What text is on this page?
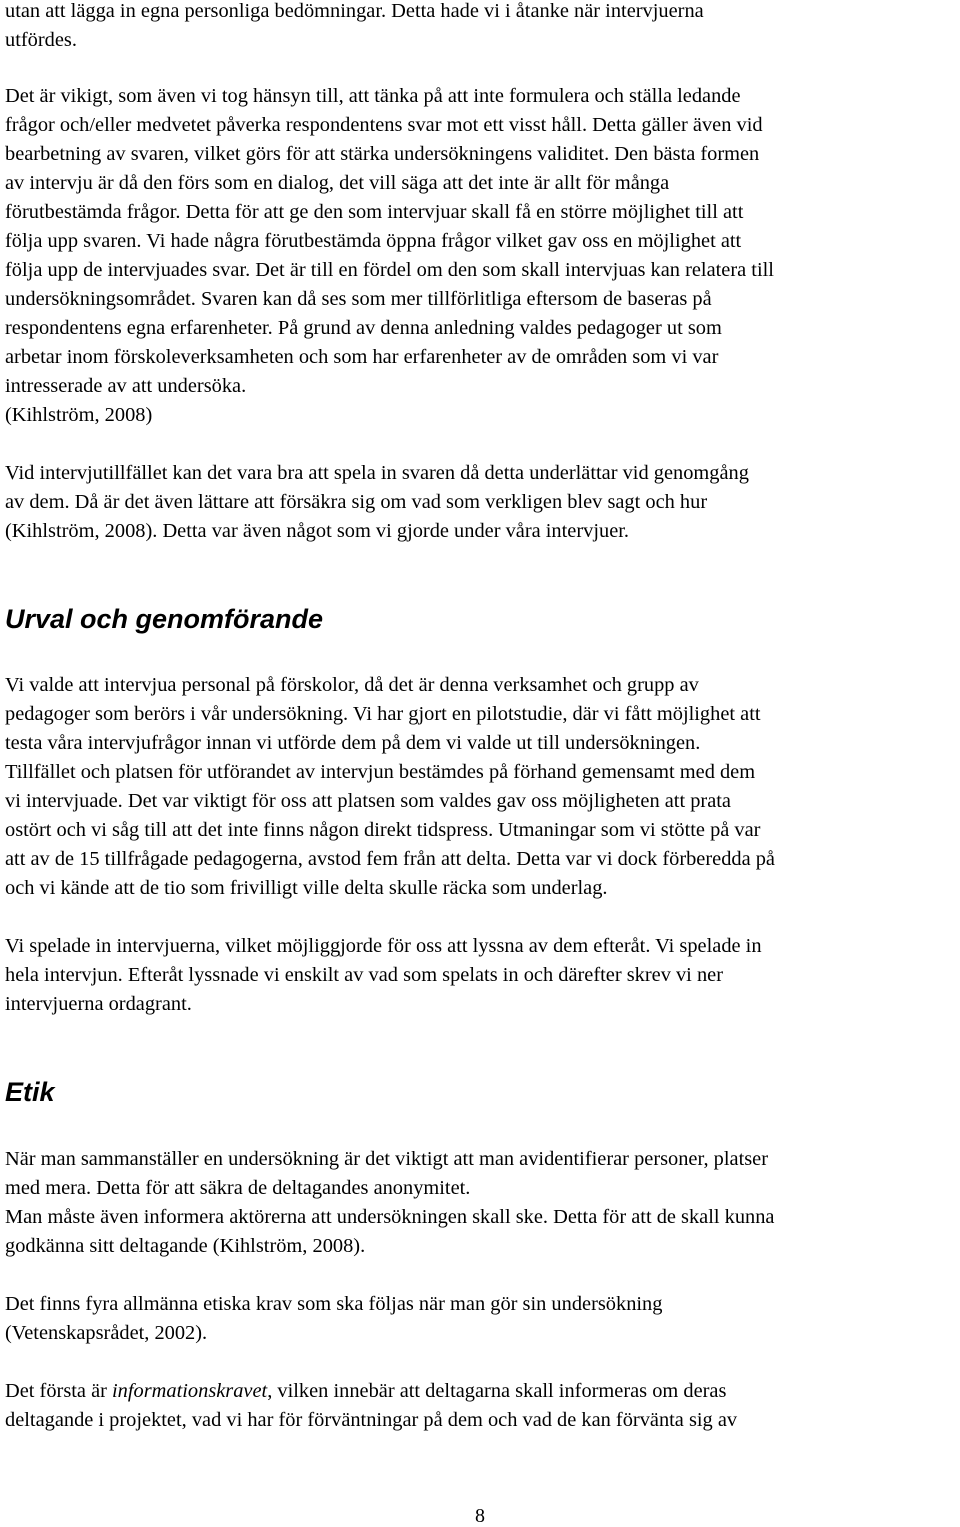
utan att lägga in egna personliga bedömningar. Detta hade vi i åtanke när intervjuerna
utfördes.

Det är vikigt, som även vi tog hänsyn till, att tänka på att inte formulera och ställa ledande
frågor och/eller medvetet påverka respondentens svar mot ett visst håll. Detta gäller även vid
bearbetning av svaren, vilket görs för att stärka undersökningens validitet. Den bästa formen
av intervju är då den förs som en dialog, det vill säga att det inte är allt för många
förutbestämda frågor. Detta för att ge den som intervjuar skall få en större möjlighet till att
följa upp svaren. Vi hade några förutbestämda öppna frågor vilket gav oss en möjlighet att
följa upp de intervjuades svar. Det är till en fördel om den som skall intervjuas kan relatera till
undersökningsområdet. Svaren kan då ses som mer tillförlitliga eftersom de baseras på
respondentens egna erfarenheter. På grund av denna anledning valdes pedagoger ut som
arbetar inom förskoleverksamheten och som har erfarenheter av de områden som vi var
intresserade av att undersöka.
(Kihlström, 2008)

Vid intervjutillfället kan det vara bra att spela in svaren då detta underlättar vid genomgång
av dem. Då är det även lättare att försäkra sig om vad som verkligen blev sagt och hur
(Kihlström, 2008). Detta var även något som vi gjorde under våra intervjuer.

Urval och genomförande

Vi valde att intervjua personal på förskolor, då det är denna verksamhet och grupp av
pedagoger som berörs i vår undersökning. Vi har gjort en pilotstudie, där vi fått möjlighet att
testa våra intervjufrågor innan vi utförde dem på dem vi valde ut till undersökningen.
Tillfället och platsen för utförandet av intervjun bestämdes på förhand gemensamt med dem
vi intervjuade. Det var viktigt för oss att platsen som valdes gav oss möjligheten att prata
ostört och vi såg till att det inte finns någon direkt tidspress. Utmaningar som vi stötte på var
att av de 15 tillfrågade pedagogerna, avstod fem från att delta. Detta var vi dock förberedda på
och vi kände att de tio som frivilligt ville delta skulle räcka som underlag.

Vi spelade in intervjuerna, vilket möjliggjorde för oss att lyssna av dem efteråt. Vi spelade in
hela intervjun. Efteråt lyssnade vi enskilt av vad som spelats in och därefter skrev vi ner
intervjuerna ordagrant.

Etik

När man sammanställer en undersökning är det viktigt att man avidentifierar personer, platser
med mera. Detta för att säkra de deltagandes anonymitet.
Man måste även informera aktörerna att undersökningen skall ske. Detta för att de skall kunna
godkänna sitt deltagande (Kihlström, 2008).

Det finns fyra allmänna etiska krav som ska följas när man gör sin undersökning
(Vetenskapsrådet, 2002).

Det första är informationskravet, vilken innebär att deltagarna skall informeras om deras
deltagande i projektet, vad vi har för förväntningar på dem och vad de kan förvänta sig av

8
